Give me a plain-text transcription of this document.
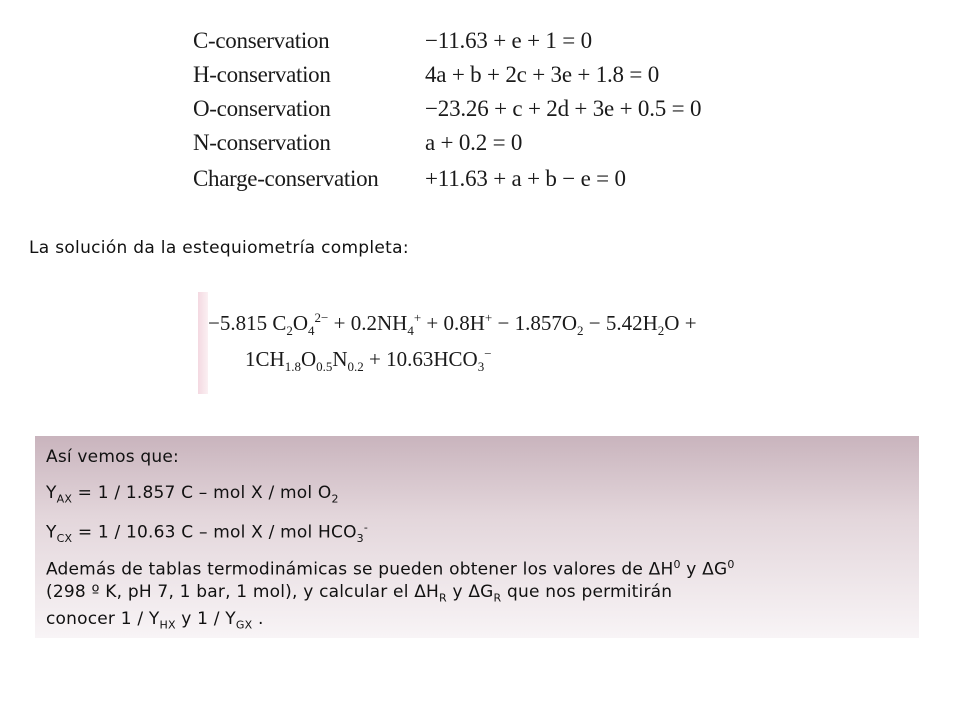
C-conservation	−11.63 + e + 1 = 0
H-conservation	4a + b + 2c + 3e + 1.8 = 0
O-conservation	−23.26 + c + 2d + 3e + 0.5 = 0
N-conservation	a + 0.2 = 0
Charge-conservation +11.63 + a + b − e = 0
La solución da la estequiometría completa:
−5.815 $C_2O_4^{2-} + 0.2NH_4^+ + 0.8H^+ - 1.857O_2 - 5.42H_2O$ +
$1CH_{1.8}O_{0.5}N_{0.2} + 10.63HCO_3^-$
Así vemos que:
$Y_{AX} = 1 / 1.857$ C – mol X / mol $O_2$
$Y_{CX} = 1 / 10.63$ C – mol X / mol $HCO_3^-$
Además de tablas termodinámicas se pueden obtener los valores de $\Delta H^0$ y $\Delta G^0$
(298 º K, pH 7, 1 bar, 1 mol), y calcular el $\Delta H_R$ y $\Delta G_R$ que nos permitirán
conocer $1 / Y_{HX}$ y $1 / Y_{GX}$ .
